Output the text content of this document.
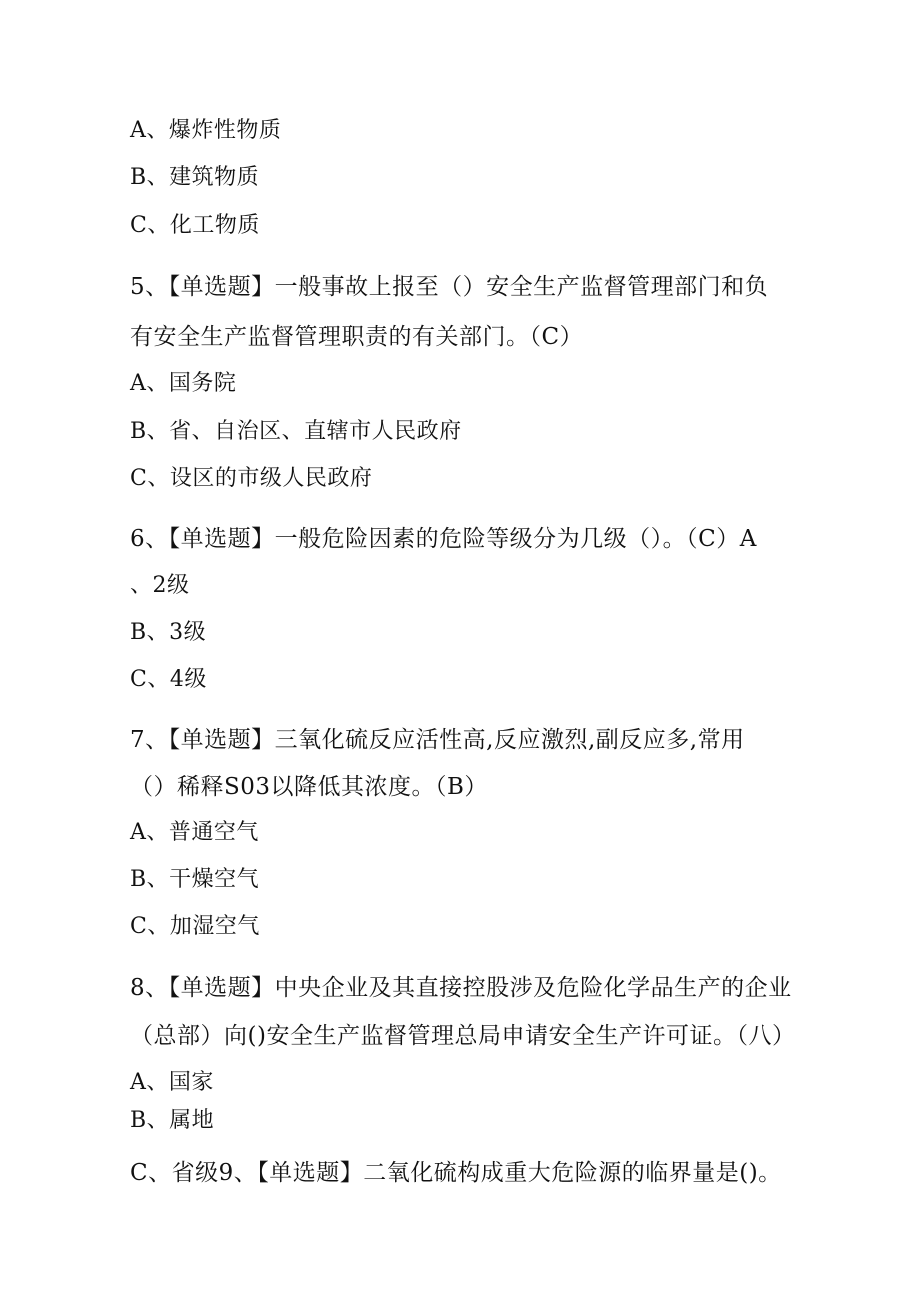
A、爆炸性物质
B、建筑物质
C、化工物质
5、【单选题】一般事故上报至（）安全生产监督管理部门和负
有安全生产监督管理职责的有关部门。（C）
A、国务院
B、省、自治区、直辖市人民政府
C、设区的市级人民政府
6、【单选题】一般危险因素的危险等级分为几级（）。（C）A
、2级
B、3级
C、4级
7、【单选题】三氧化硫反应活性高,反应激烈,副反应多,常用
（）稀释S03以降低其浓度。（B）
A、普通空气
B、干燥空气
C、加湿空气
8、【单选题】中央企业及其直接控股涉及危险化学品生产的企业
（总部）向()安全生产监督管理总局申请安全生产许可证。（八）
A、国家
B、属地
C、省级9、【单选题】二氧化硫构成重大危险源的临界量是()。
